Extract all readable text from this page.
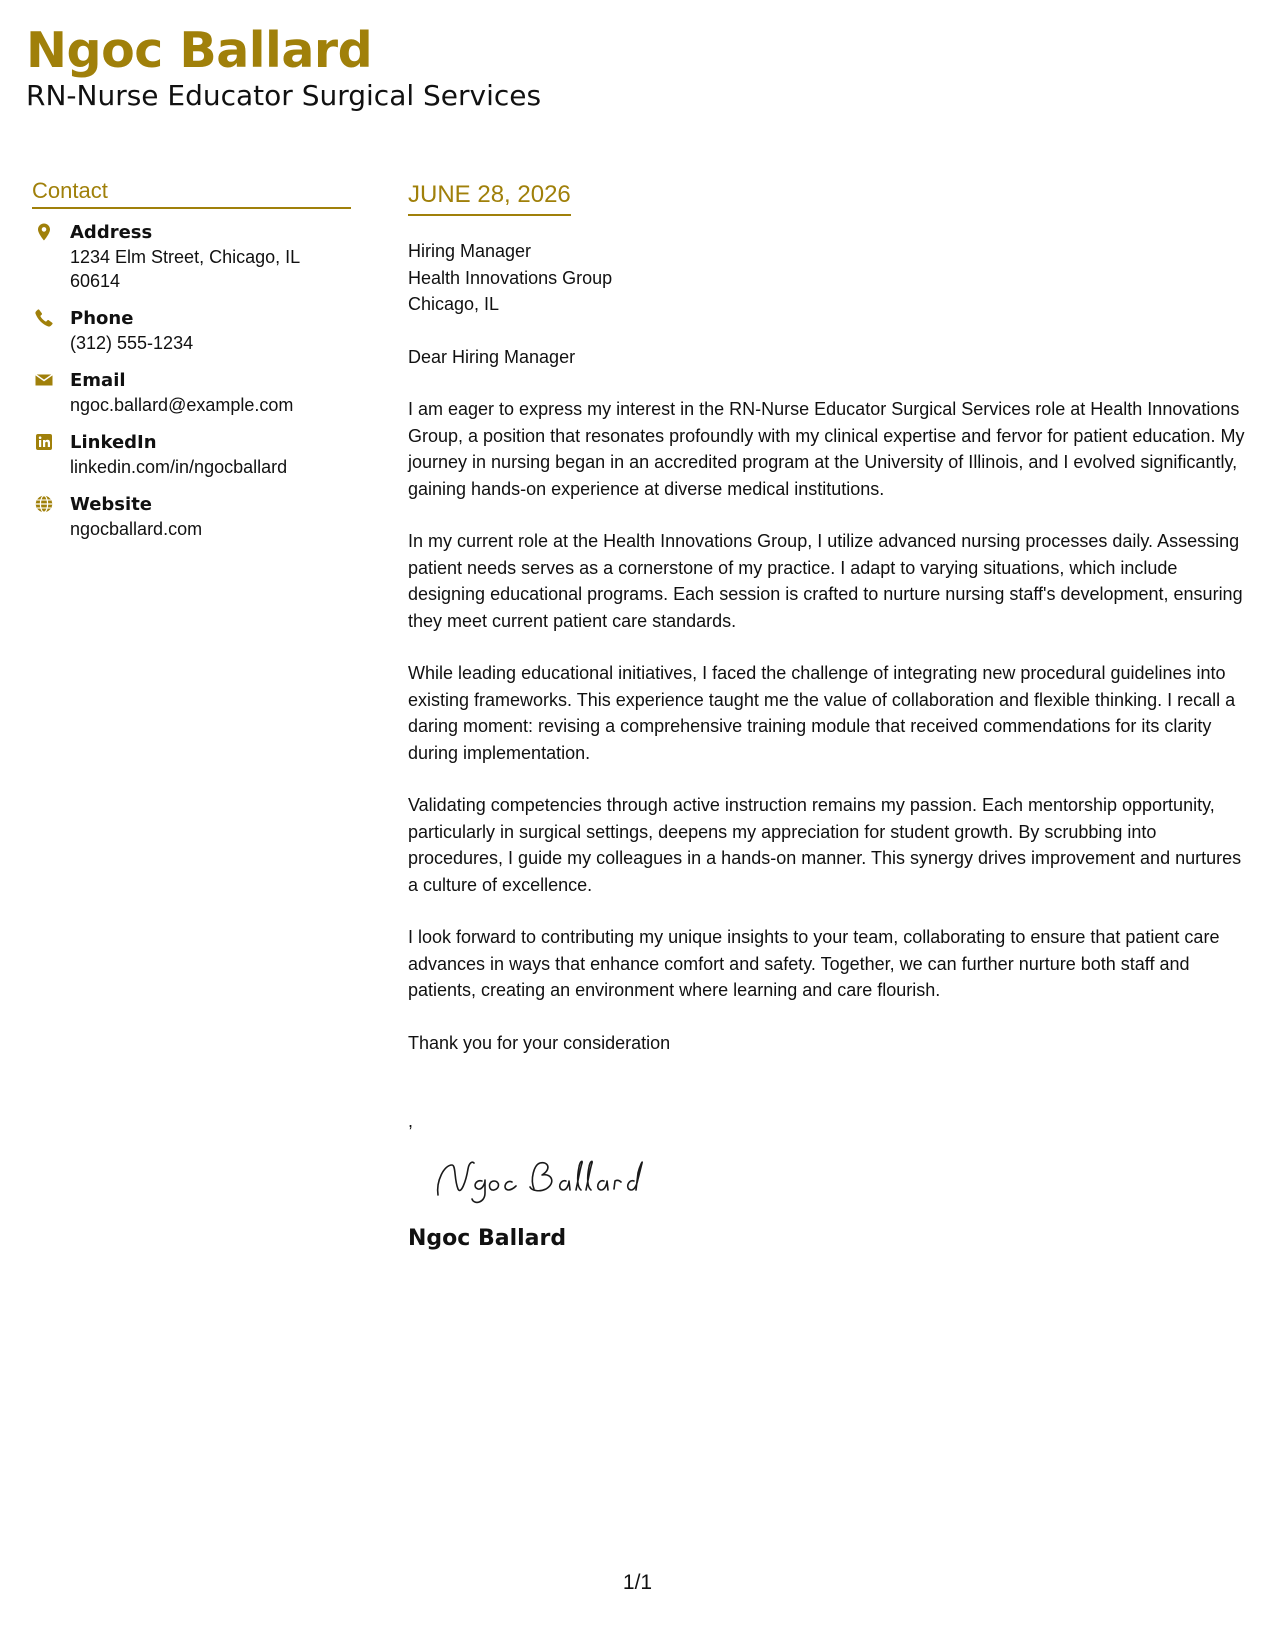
Ngoc Ballard
RN-Nurse Educator Surgical Services
Contact
Address
1234 Elm Street, Chicago, IL 60614
Phone
(312) 555-1234
Email
ngoc.ballard@example.com
LinkedIn
linkedin.com/in/ngocballard
Website
ngocballard.com
JUNE 28, 2026
Hiring Manager
Health Innovations Group
Chicago, IL
Dear Hiring Manager
I am eager to express my interest in the RN-Nurse Educator Surgical Services role at Health Innovations Group, a position that resonates profoundly with my clinical expertise and fervor for patient education. My journey in nursing began in an accredited program at the University of Illinois, and I evolved significantly, gaining hands-on experience at diverse medical institutions.
In my current role at the Health Innovations Group, I utilize advanced nursing processes daily. Assessing patient needs serves as a cornerstone of my practice. I adapt to varying situations, which include designing educational programs. Each session is crafted to nurture nursing staff's development, ensuring they meet current patient care standards.
While leading educational initiatives, I faced the challenge of integrating new procedural guidelines into existing frameworks. This experience taught me the value of collaboration and flexible thinking. I recall a daring moment: revising a comprehensive training module that received commendations for its clarity during implementation.
Validating competencies through active instruction remains my passion. Each mentorship opportunity, particularly in surgical settings, deepens my appreciation for student growth. By scrubbing into procedures, I guide my colleagues in a hands-on manner. This synergy drives improvement and nurtures a culture of excellence.
I look forward to contributing my unique insights to your team, collaborating to ensure that patient care advances in ways that enhance comfort and safety. Together, we can further nurture both staff and patients, creating an environment where learning and care flourish.
Thank you for your consideration
,
Ngoc Ballard
1/1
